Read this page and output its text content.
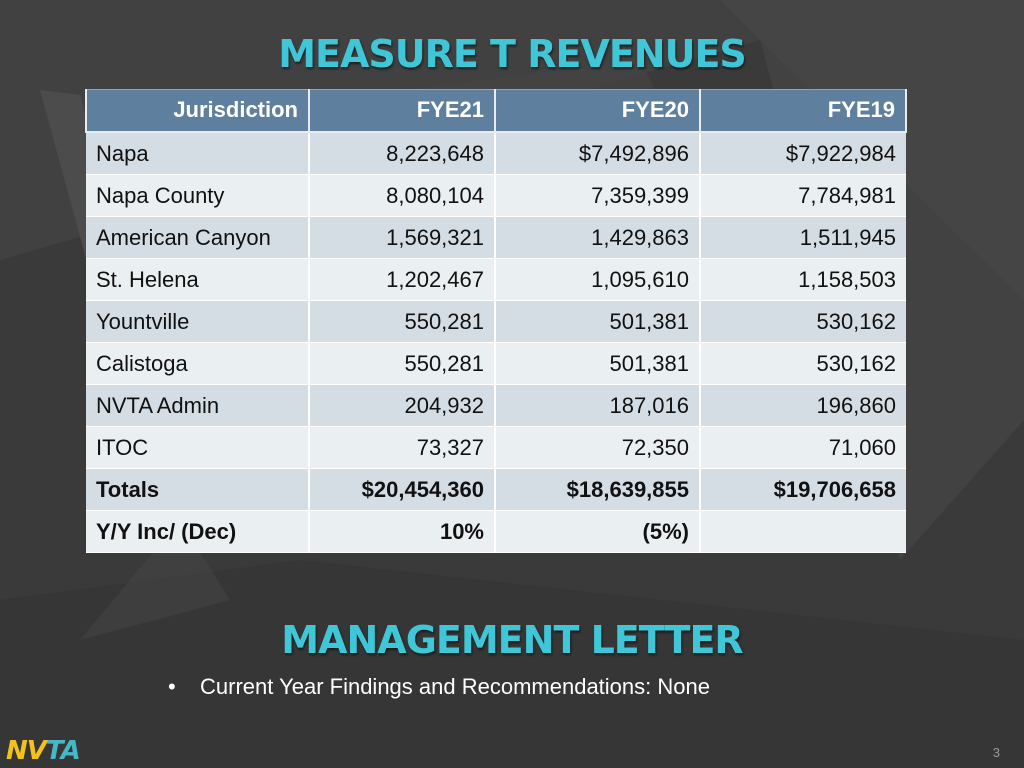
MEASURE T REVENUES
Jurisdiction	FYE21	FYE20	FYE19
Napa	8,223,648	$7,492,896	$7,922,984
Napa County	8,080,104	7,359,399	7,784,981
American Canyon	1,569,321	1,429,863	1,511,945
St. Helena	1,202,467	1,095,610	1,158,503
Yountville	550,281	501,381	530,162
Calistoga	550,281	501,381	530,162
NVTA Admin	204,932	187,016	196,860
ITOC	73,327	72,350	71,060
Totals	$20,454,360	$18,639,855	$19,706,658
Y/Y Inc/ (Dec)	10%	(5%)	
MANAGEMENT LETTER
• Current Year Findings and Recommendations: None
NVTA	3
